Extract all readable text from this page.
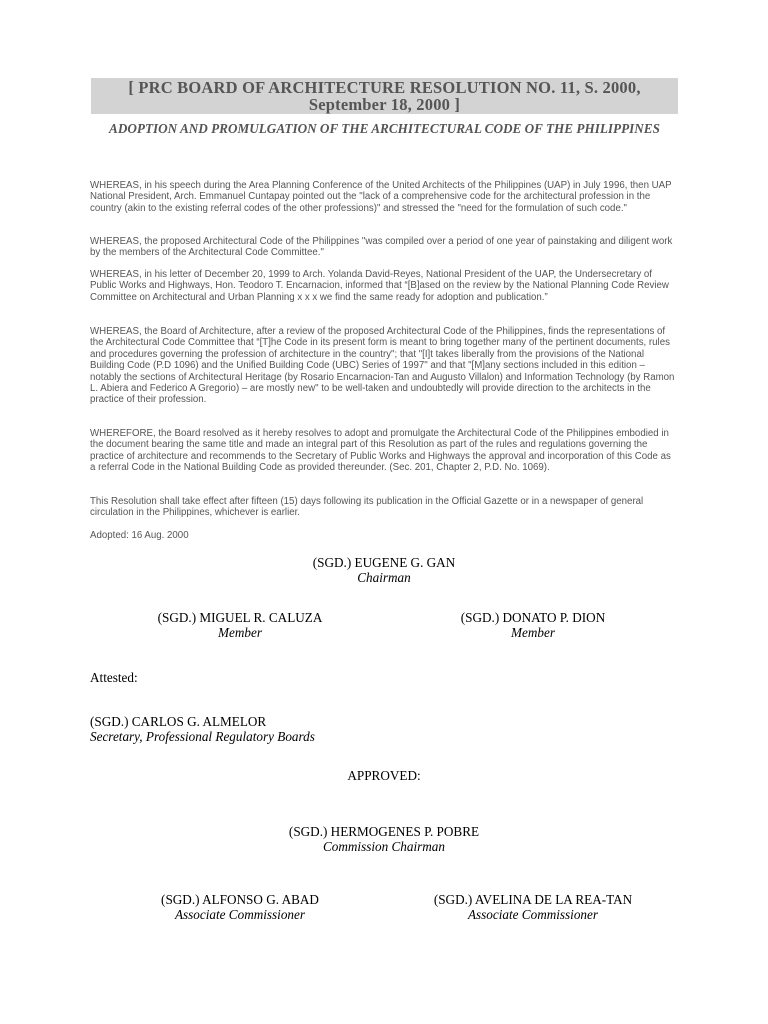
[ PRC BOARD OF ARCHITECTURE RESOLUTION NO. 11, S. 2000, September 18, 2000 ]
ADOPTION AND PROMULGATION OF THE ARCHITECTURAL CODE OF THE PHILIPPINES

WHEREAS, in his speech during the Area Planning Conference of the United Architects of the Philippines (UAP) in July 1996, then UAP National President, Arch. Emmanuel Cuntapay pointed out the "lack of a comprehensive code for the architectural profession in the country (akin to the existing referral codes of the other professions)" and stressed the "need for the formulation of such code."

WHEREAS, the proposed Architectural Code of the Philippines "was compiled over a period of one year of painstaking and diligent work by the members of the Architectural Code Committee."

WHEREAS, in his letter of December 20, 1999 to Arch. Yolanda David-Reyes, National President of the UAP, the Undersecretary of Public Works and Highways, Hon. Teodoro T. Encarnacion, informed that “[B]ased on the review by the National Planning Code Review Committee on Architectural and Urban Planning x x x we find the same ready for adoption and publication.”

WHEREAS, the Board of Architecture, after a review of the proposed Architectural Code of the Philippines, finds the representations of the Architectural Code Committee that “[T]he Code in its present form is meant to bring together many of the pertinent documents, rules and procedures governing the profession of architecture in the country"; that "[I]t takes liberally from the provisions of the National Building Code (P.D 1096) and the Unified Building Code (UBC) Series of 1997" and that "[M]any sections included in this edition – notably the sections of Architectural Heritage (by Rosario Encarnacion-Tan and Augusto Villalon) and Information Technology (by Ramon L. Abiera and Federico A Gregorio) – are mostly new" to be well-taken and undoubtedly will provide direction to the architects in the practice of their profession.

WHEREFORE, the Board resolved as it hereby resolves to adopt and promulgate the Architectural Code of the Philippines embodied in the document bearing the same title and made an integral part of this Resolution as part of the rules and regulations governing the practice of architecture and recommends to the Secretary of Public Works and Highways the approval and incorporation of this Code as a referral Code in the National Building Code as provided thereunder. (Sec. 201, Chapter 2, P.D. No. 1069).

This Resolution shall take effect after fifteen (15) days following its publication in the Official Gazette or in a newspaper of general circulation in the Philippines, whichever is earlier.

Adopted: 16 Aug. 2000

(SGD.) EUGENE G. GAN
Chairman
(SGD.) MIGUEL R. CALUZA
Member
(SGD.) DONATO P. DION
Member
Attested:
(SGD.) CARLOS G. ALMELOR
Secretary, Professional Regulatory Boards
APPROVED:
(SGD.) HERMOGENES P. POBRE
Commission Chairman
(SGD.) ALFONSO G. ABAD
Associate Commissioner
(SGD.) AVELINA DE LA REA-TAN
Associate Commissioner
